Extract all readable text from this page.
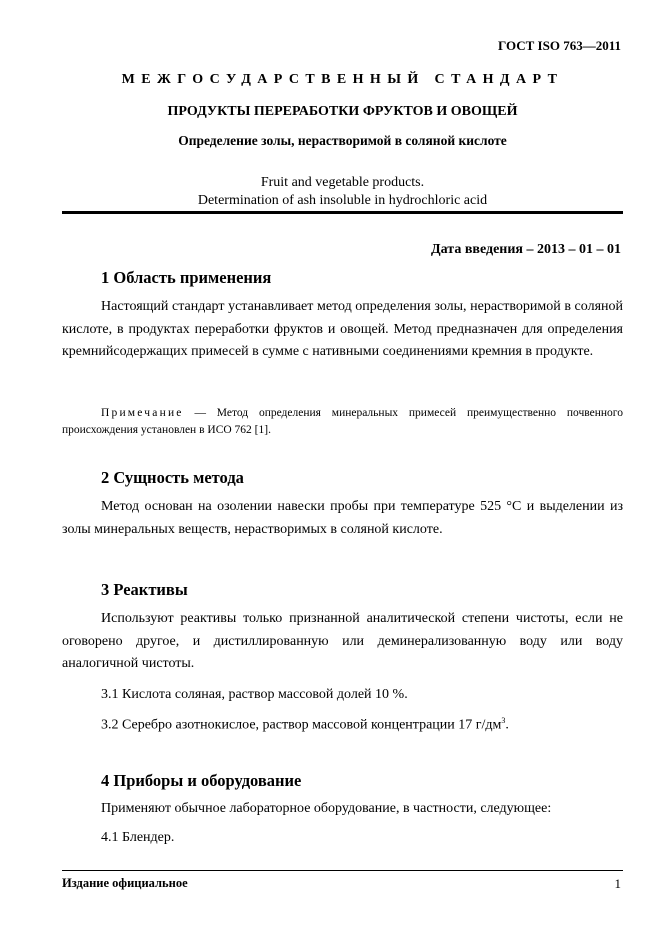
ГОСТ ISO 763—2011
МЕЖГОСУДАРСТВЕННЫЙ СТАНДАРТ
ПРОДУКТЫ ПЕРЕРАБОТКИ ФРУКТОВ И ОВОЩЕЙ
Определение золы, нерастворимой в соляной кислоте
Fruit and vegetable products.
Determination of ash insoluble in hydrochloric acid
Дата введения – 2013 – 01 – 01
1 Область применения
Настоящий стандарт устанавливает метод определения золы, нерастворимой в соляной кислоте, в продуктах переработки фруктов и овощей. Метод предназначен для определения кремнийсодержащих примесей в сумме с нативными соединениями кремния в продукте.
Примечание — Метод определения минеральных примесей преимущественно почвенного происхождения установлен в ИСО 762 [1].
2 Сущность метода
Метод основан на озолении навески пробы при температуре 525 °С и выделении из золы минеральных веществ, нерастворимых в соляной кислоте.
3 Реактивы
Используют реактивы только признанной аналитической степени чистоты, если не оговорено другое, и дистиллированную или деминерализованную воду или воду аналогичной чистоты.
3.1 Кислота соляная, раствор массовой долей 10 %.
3.2 Серебро азотнокислое, раствор массовой концентрации 17 $г/дм^3$.
4 Приборы и оборудование
Применяют обычное лабораторное оборудование, в частности, следующее:
4.1 Блендер.
Издание официальное	1
